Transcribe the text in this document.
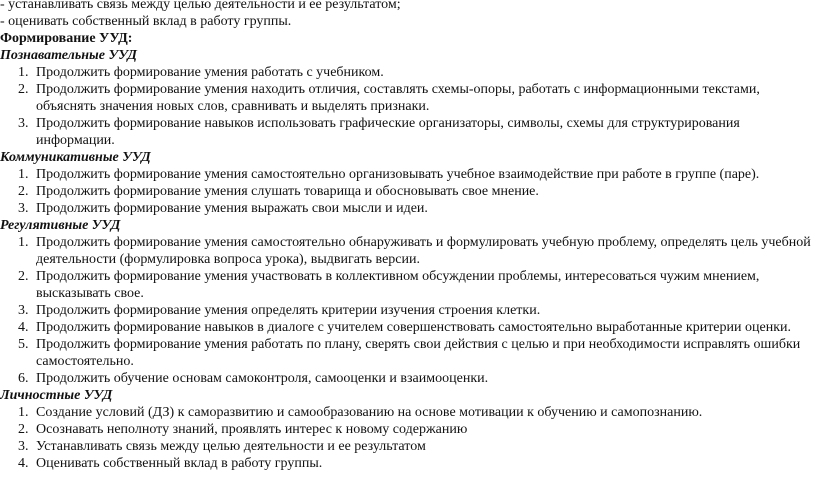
- устанавливать связь между целью деятельности и ее результатом;

- оценивать собственный вклад в работу группы.

Формирование УУД:

Познавательные УУД

1. Продолжить формирование умения работать с учебником.
2. Продолжить формирование умения находить отличия, составлять схемы-опоры, работать с информационными текстами, объяснять значения новых слов, сравнивать и выделять признаки.
3. Продолжить формирование навыков использовать графические организаторы, символы, схемы для структурирования информации.

Коммуникативные УУД

1. Продолжить формирование умения самостоятельно организовывать учебное взаимодействие при работе в группе (паре).
2. Продолжить формирование умения слушать товарища и обосновывать свое мнение.
3. Продолжить формирование умения выражать свои мысли и идеи.

Регулятивные УУД

1. Продолжить формирование умения самостоятельно обнаруживать и формулировать учебную проблему, определять цель учебной деятельности (формулировка вопроса урока), выдвигать версии.
2. Продолжить формирование умения участвовать в коллективном обсуждении проблемы, интересоваться чужим мнением, высказывать свое.
3. Продолжить формирование умения определять критерии изучения строения клетки.
4. Продолжить формирование навыков в диалоге с учителем совершенствовать самостоятельно выработанные критерии оценки.
5. Продолжить формирование умения работать по плану, сверять свои действия с целью и при необходимости исправлять ошибки самостоятельно.
6. Продолжить обучение основам самоконтроля, самооценки и взаимооценки.

Личностные УУД

1. Создание условий (ДЗ) к саморазвитию и самообразованию на основе мотивации к обучению и самопознанию.
2. Осознавать неполноту знаний, проявлять интерес к новому содержанию
3. Устанавливать связь между целью деятельности и ее результатом
4. Оценивать собственный вклад в работу группы.
